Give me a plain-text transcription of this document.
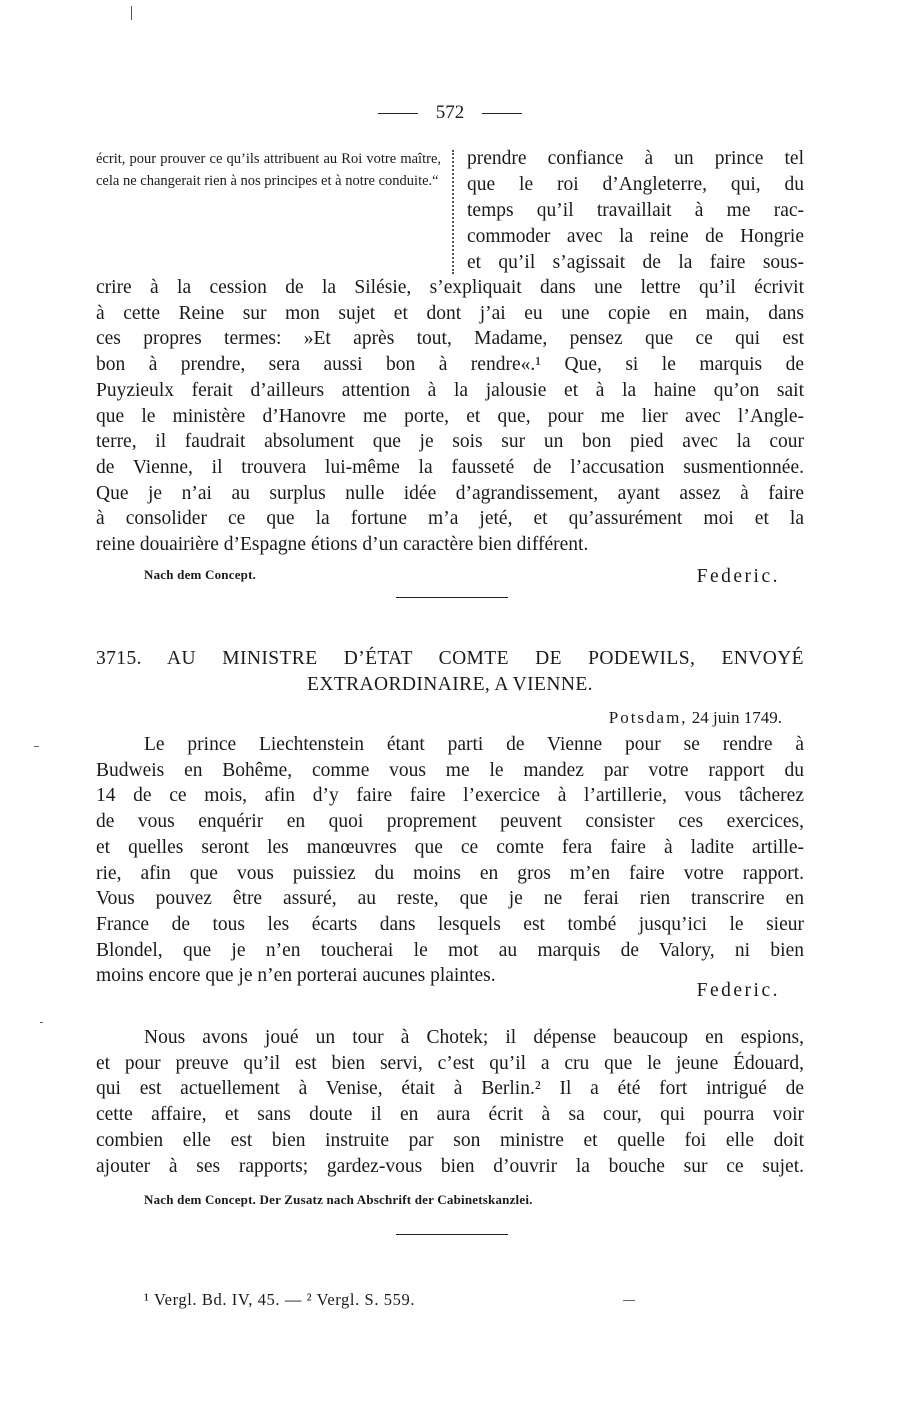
572
écrit, pour prouver ce qu’ils attribuent au Roi votre maître, cela ne changerait rien à nos principes et à notre conduite.“
prendre confiance à un prince tel
que le roi d’Angleterre, qui, du
temps qu’il travaillait à me rac-
commoder avec la reine de Hongrie
et qu’il s’agissait de la faire sous-
crire à la cession de la Silésie, s’expliquait dans une lettre qu’il écrivit
à cette Reine sur mon sujet et dont j’ai eu une copie en main, dans
ces propres termes: »Et après tout, Madame, pensez que ce qui est
bon à prendre, sera aussi bon à rendre«.¹ Que, si le marquis de
Puyzieulx ferait d’ailleurs attention à la jalousie et à la haine qu’on sait
que le ministère d’Hanovre me porte, et que, pour me lier avec l’Angle-
terre, il faudrait absolument que je sois sur un bon pied avec la cour
de Vienne, il trouvera lui-même la fausseté de l’accusation susmentionnée.
Que je n’ai au surplus nulle idée d’agrandissement, ayant assez à faire
à consolider ce que la fortune m’a jeté, et qu’assurément moi et la
reine douairière d’Espagne étions d’un caractère bien différent.
Nach dem Concept.	Federic.
3715. AU MINISTRE D’ÉTAT COMTE DE PODEWILS, ENVOYÉ
EXTRAORDINAIRE, A VIENNE.
Potsdam, 24 juin 1749.
Le prince Liechtenstein étant parti de Vienne pour se rendre à
Budweis en Bohême, comme vous me le mandez par votre rapport du
14 de ce mois, afin d’y faire faire l’exercice à l’artillerie, vous tâcherez
de vous enquérir en quoi proprement peuvent consister ces exercices,
et quelles seront les manœuvres que ce comte fera faire à ladite artille-
rie, afin que vous puissiez du moins en gros m’en faire votre rapport.
Vous pouvez être assuré, au reste, que je ne ferai rien transcrire en
France de tous les écarts dans lesquels est tombé jusqu’ici le sieur
Blondel, que je n’en toucherai le mot au marquis de Valory, ni bien
moins encore que je n’en porterai aucunes plaintes.
Federic.
Nous avons joué un tour à Chotek; il dépense beaucoup en espions,
et pour preuve qu’il est bien servi, c’est qu’il a cru que le jeune Édouard,
qui est actuellement à Venise, était à Berlin.² Il a été fort intrigué de
cette affaire, et sans doute il en aura écrit à sa cour, qui pourra voir
combien elle est bien instruite par son ministre et quelle foi elle doit
ajouter à ses rapports; gardez-vous bien d’ouvrir la bouche sur ce sujet.
Nach dem Concept. Der Zusatz nach Abschrift der Cabinetskanzlei.
¹ Vergl. Bd. IV, 45. — ² Vergl. S. 559.
